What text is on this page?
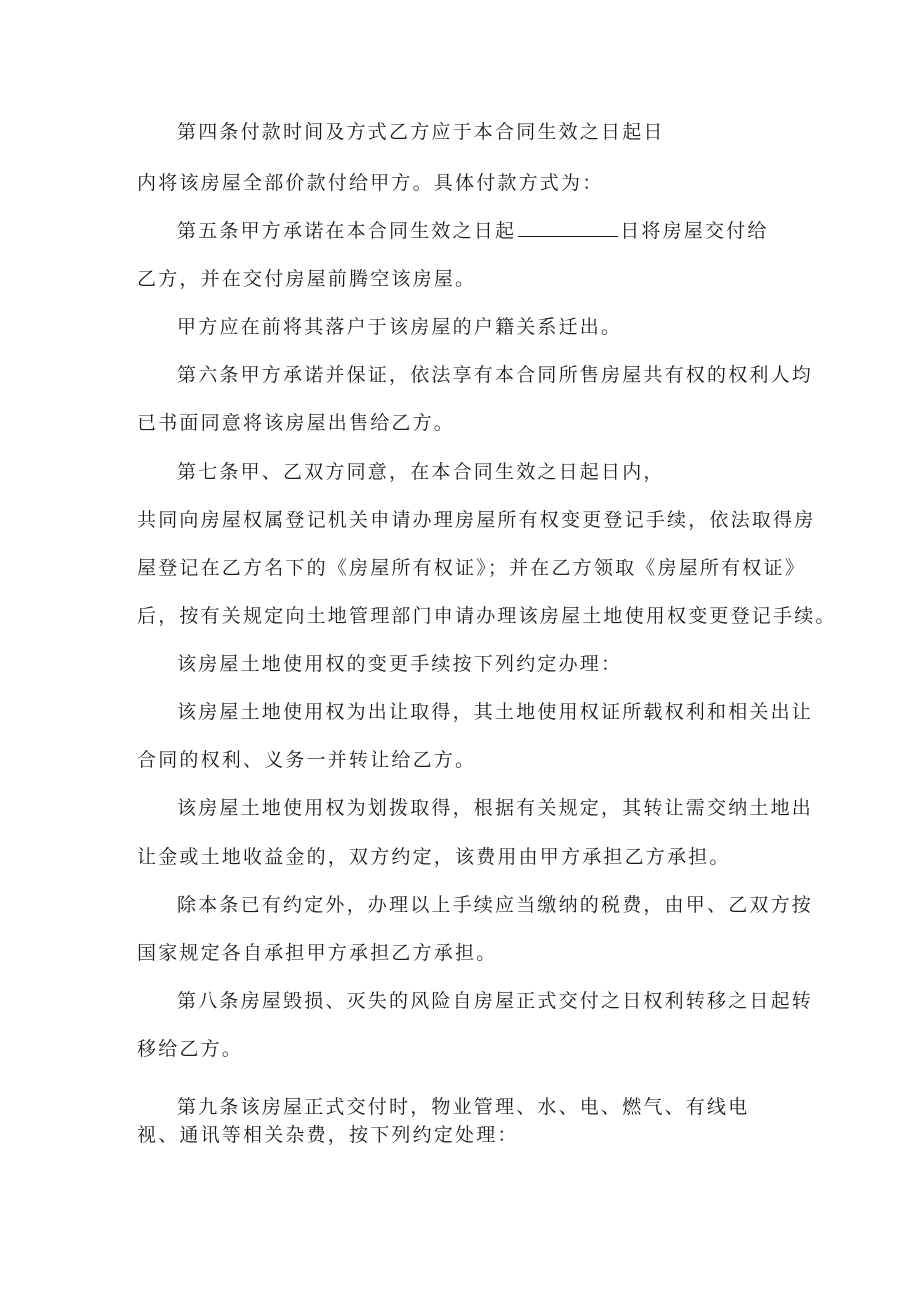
第四条付款时间及方式乙方应于本合同生效之日起日
内将该房屋全部价款付给甲方。具体付款方式为：
第五条甲方承诺在本合同生效之日起	日将房屋交付给
乙方，并在交付房屋前腾空该房屋。
甲方应在前将其落户于该房屋的户籍关系迁出。
第六条甲方承诺并保证，依法享有本合同所售房屋共有权的权利人均
已书面同意将该房屋出售给乙方。
第七条甲、乙双方同意，在本合同生效之日起日内，
共同向房屋权属登记机关申请办理房屋所有权变更登记手续，依法取得房
屋登记在乙方名下的《房屋所有权证》；并在乙方领取《房屋所有权证》
后，按有关规定向土地管理部门申请办理该房屋土地使用权变更登记手续。
该房屋土地使用权的变更手续按下列约定办理：
该房屋土地使用权为出让取得，其土地使用权证所载权利和相关出让
合同的权利、义务一并转让给乙方。
该房屋土地使用权为划拨取得，根据有关规定，其转让需交纳土地出
让金或土地收益金的，双方约定，该费用由甲方承担乙方承担。
除本条已有约定外，办理以上手续应当缴纳的税费，由甲、乙双方按
国家规定各自承担甲方承担乙方承担。
第八条房屋毁损、灭失的风险自房屋正式交付之日权利转移之日起转
移给乙方。
第九条该房屋正式交付时，物业管理、水、电、燃气、有线电
视、通讯等相关杂费，按下列约定处理：
